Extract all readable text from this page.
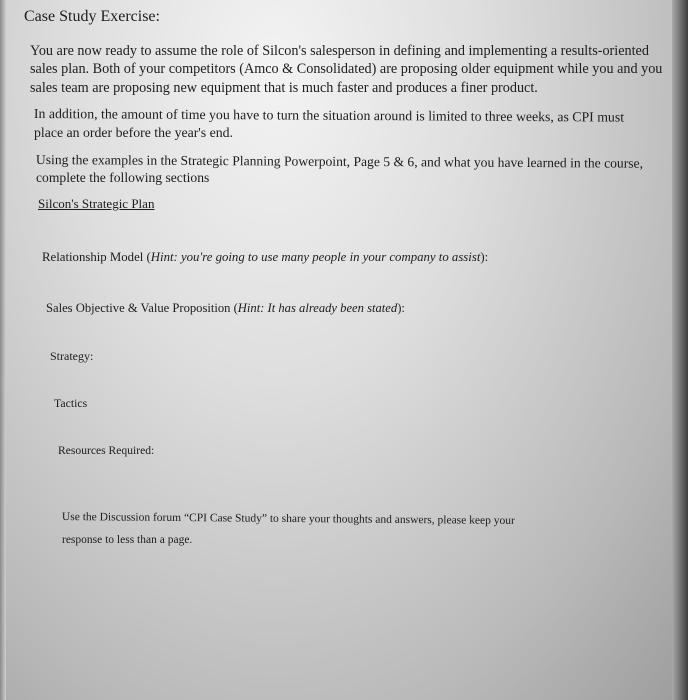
Case Study Exercise:
You are now ready to assume the role of Silcon's salesperson in defining and implementing a results-oriented
sales plan. Both of your competitors (Amco & Consolidated) are proposing older equipment while you and you
sales team are proposing new equipment that is much faster and produces a finer product.
In addition, the amount of time you have to turn the situation around is limited to three weeks, as CPI must
place an order before the year's end.
Using the examples in the Strategic Planning Powerpoint, Page 5 & 6, and what you have learned in the course,
complete the following sections
Silcon's Strategic Plan
Relationship Model (Hint: you're going to use many people in your company to assist):
Sales Objective & Value Proposition (Hint: It has already been stated):
Strategy:
Tactics
Resources Required:
Use the Discussion forum “CPI Case Study” to share your thoughts and answers, please keep your
response to less than a page.
